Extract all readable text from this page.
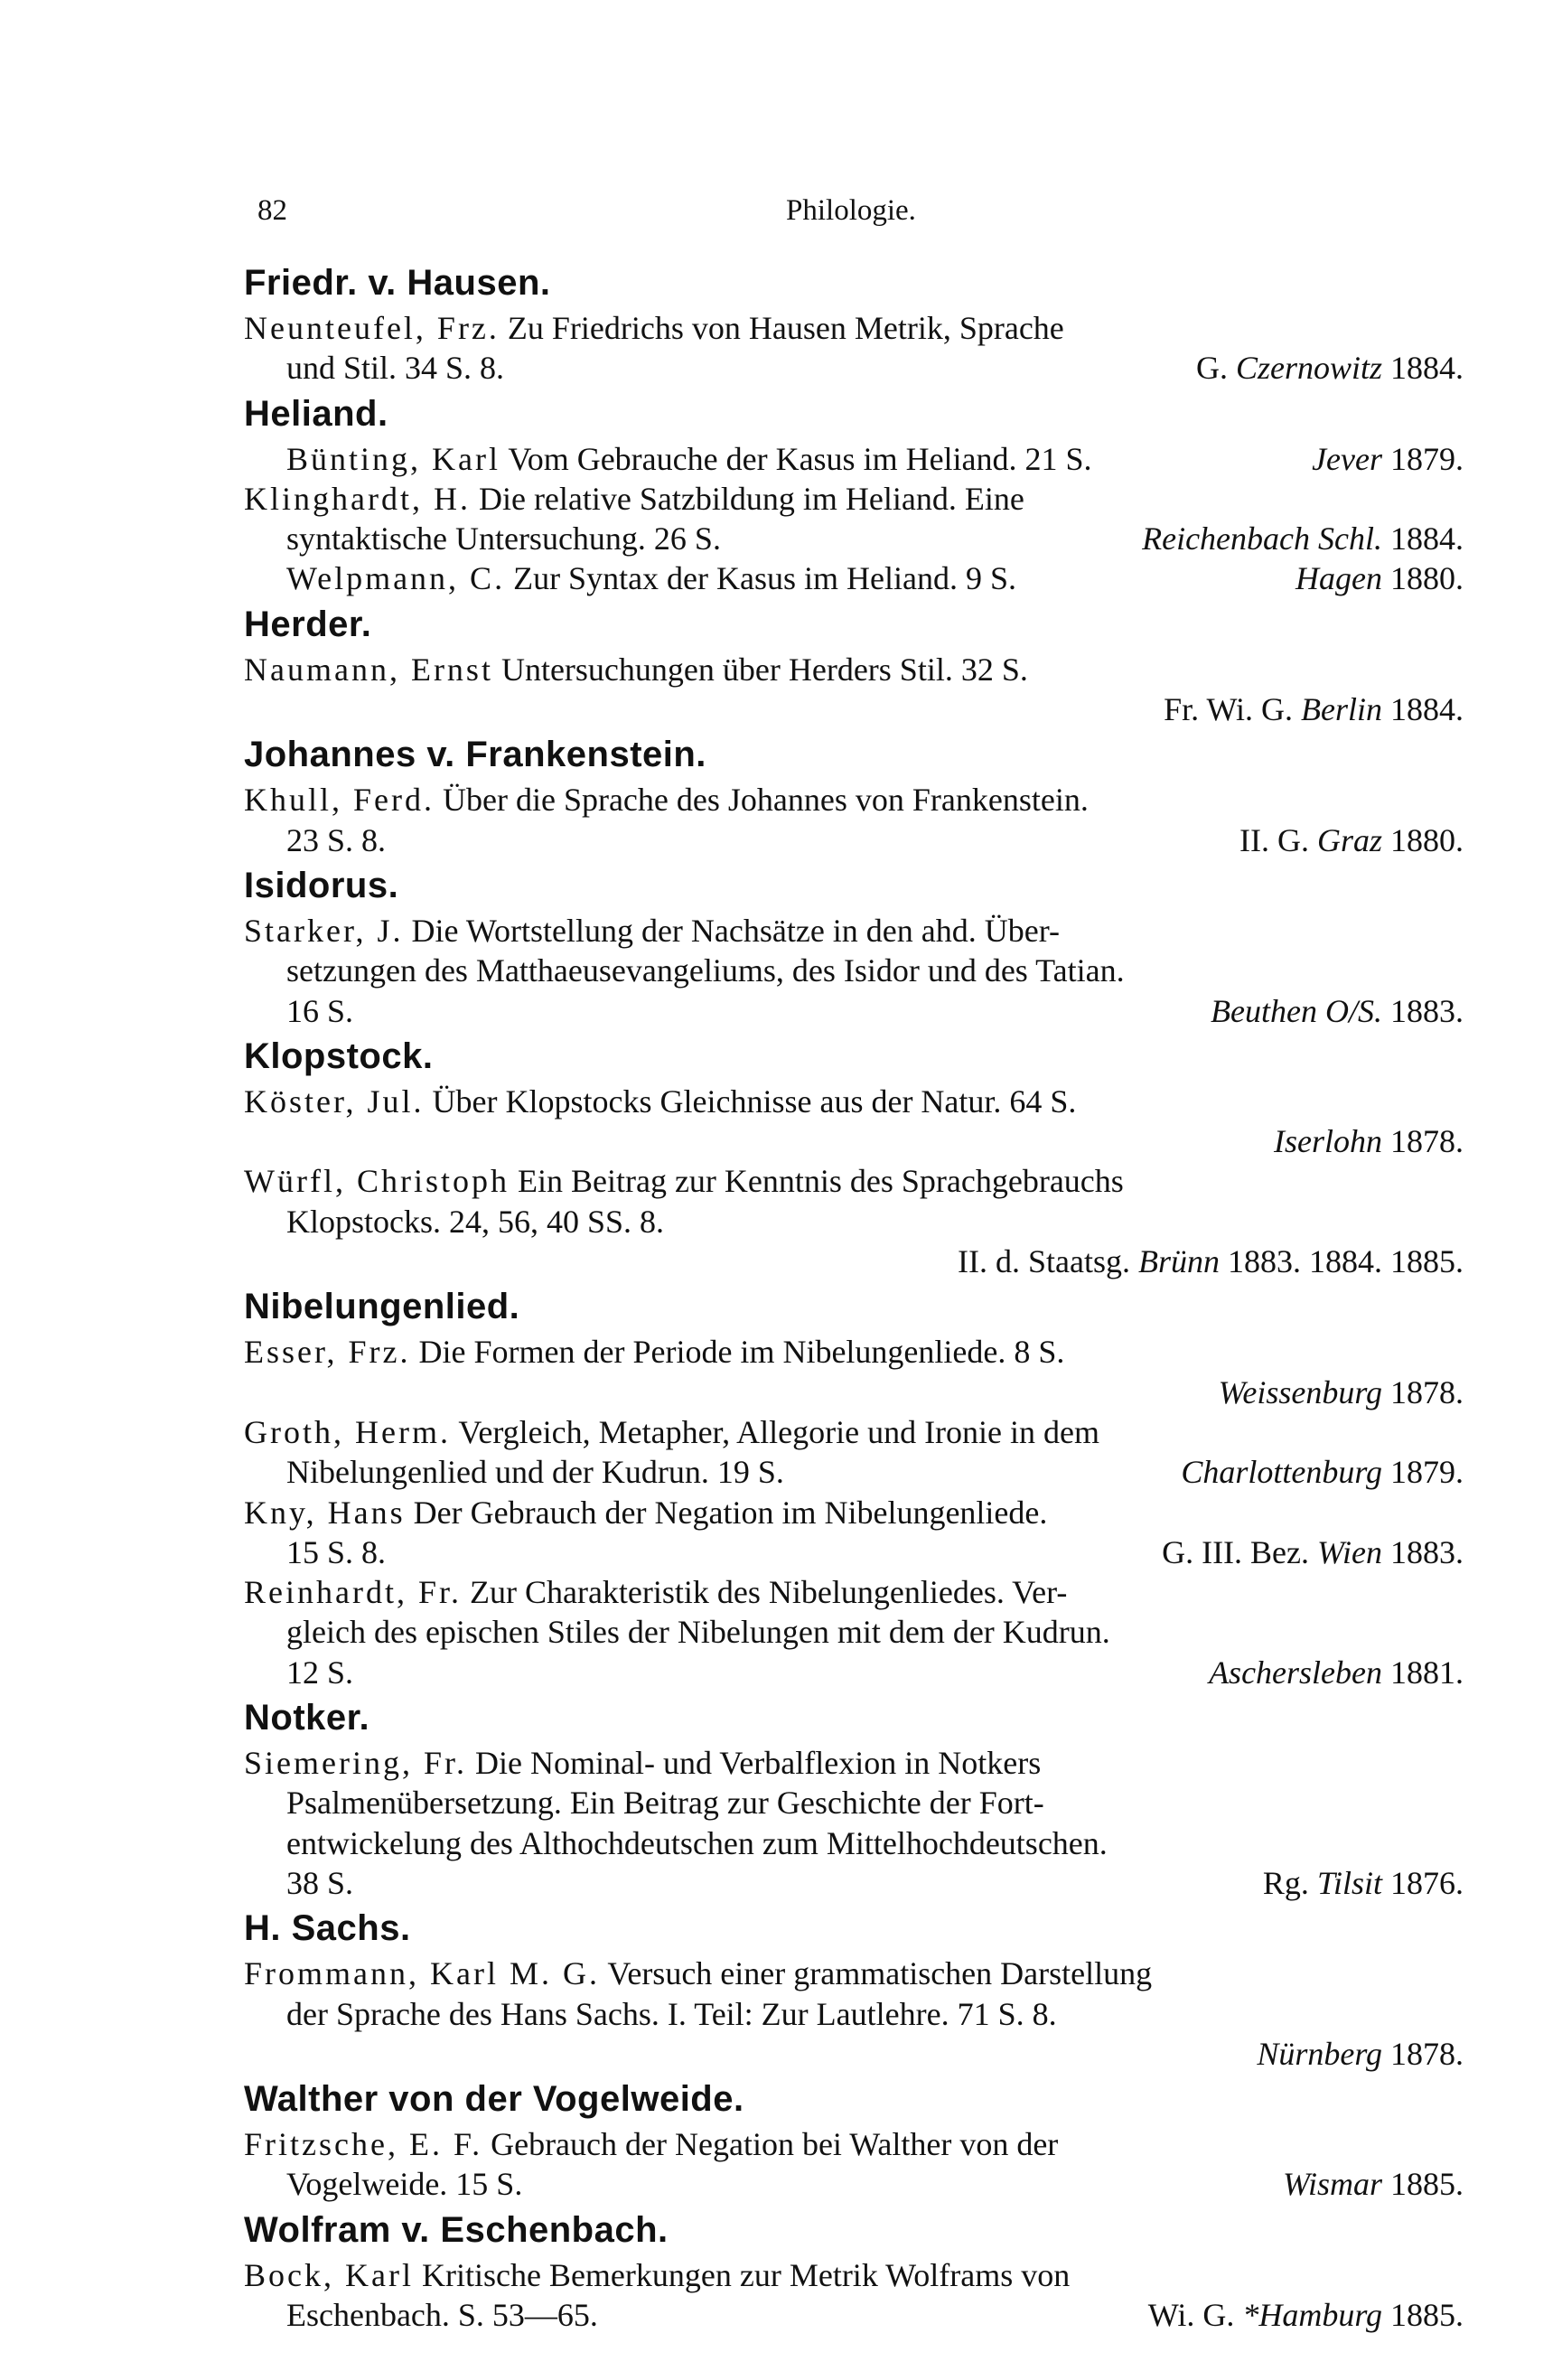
82	Philologie.
Friedr. v. Hausen.
Neunteufel, Frz. Zu Friedrichs von Hausen Metrik, Sprache
und Stil. 34 S. 8.	G. Czernowitz 1884.
Heliand.
Bünting, Karl Vom Gebrauche der Kasus im Heliand. 21 S.	Jever 1879.
Klinghardt, H. Die relative Satzbildung im Heliand. Eine
syntaktische Untersuchung. 26 S.	Reichenbach Schl. 1884.
Welpmann, C. Zur Syntax der Kasus im Heliand. 9 S.	Hagen 1880.
Herder.
Naumann, Ernst Untersuchungen über Herders Stil. 32 S.
Fr. Wi. G. Berlin 1884.
Johannes v. Frankenstein.
Khull, Ferd. Über die Sprache des Johannes von Frankenstein.
23 S. 8.	II. G. Graz 1880.
Isidorus.
Starker, J. Die Wortstellung der Nachsätze in den ahd. Über-
setzungen des Matthaeusevangeliums, des Isidor und des Tatian.
16 S.	Beuthen O/S. 1883.
Klopstock.
Köster, Jul. Über Klopstocks Gleichnisse aus der Natur. 64 S.
Iserlohn 1878.
Würfl, Christoph Ein Beitrag zur Kenntnis des Sprachgebrauchs
Klopstocks. 24, 56, 40 SS. 8.
II. d. Staatsg. Brünn 1883. 1884. 1885.
Nibelungenlied.
Esser, Frz. Die Formen der Periode im Nibelungenliede. 8 S.
Weissenburg 1878.
Groth, Herm. Vergleich, Metapher, Allegorie und Ironie in dem
Nibelungenlied und der Kudrun. 19 S.	Charlottenburg 1879.
Kny, Hans Der Gebrauch der Negation im Nibelungenliede.
15 S. 8.	G. III. Bez. Wien 1883.
Reinhardt, Fr. Zur Charakteristik des Nibelungenliedes. Ver-
gleich des epischen Stiles der Nibelungen mit dem der Kudrun.
12 S.	Aschersleben 1881.
Notker.
Siemering, Fr. Die Nominal- und Verbalflexion in Notkers
Psalmenübersetzung. Ein Beitrag zur Geschichte der Fort-
entwickelung des Althochdeutschen zum Mittelhochdeutschen.
38 S.	Rg. Tilsit 1876.
H. Sachs.
Frommann, Karl M. G. Versuch einer grammatischen Darstellung
der Sprache des Hans Sachs. I. Teil: Zur Lautlehre. 71 S. 8.
Nürnberg 1878.
Walther von der Vogelweide.
Fritzsche, E. F. Gebrauch der Negation bei Walther von der
Vogelweide. 15 S.	Wismar 1885.
Wolfram v. Eschenbach.
Bock, Karl Kritische Bemerkungen zur Metrik Wolframs von
Eschenbach. S. 53—65.	Wi. G. *Hamburg 1885.
